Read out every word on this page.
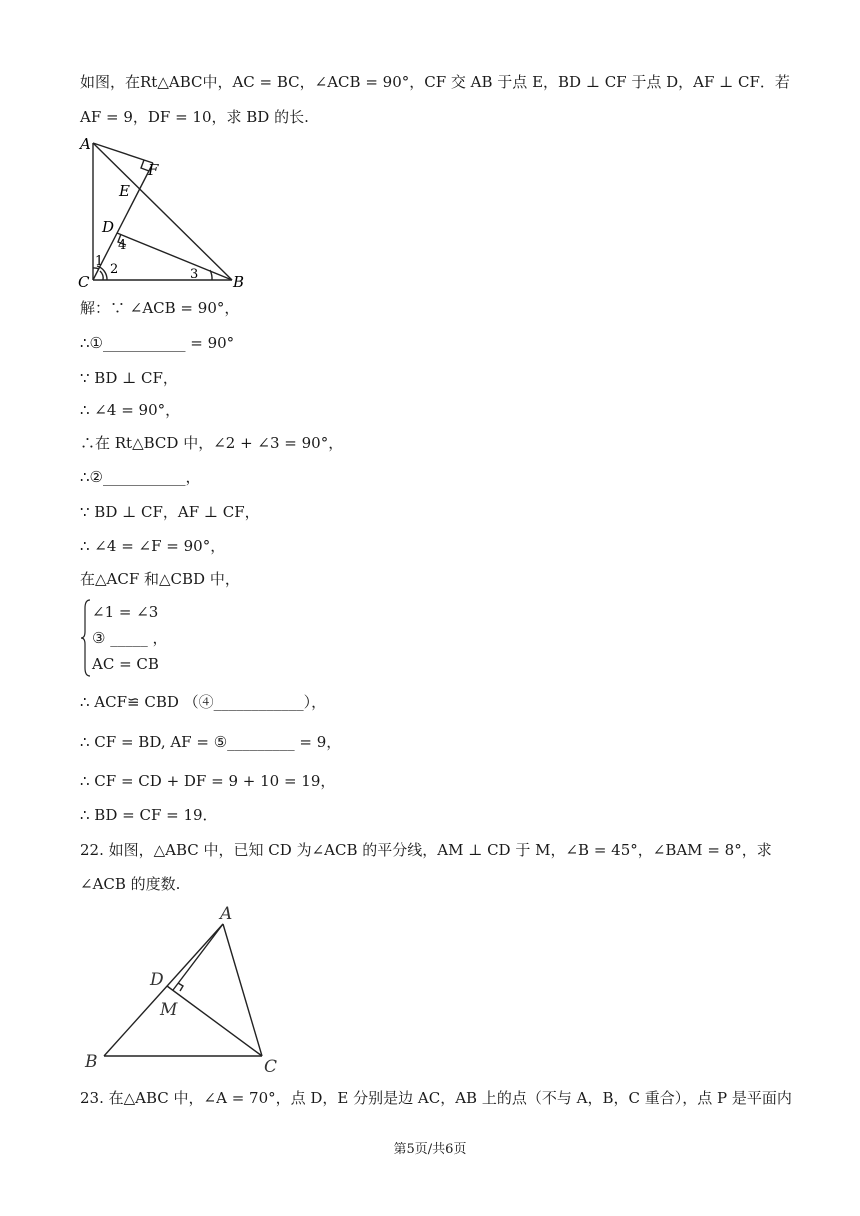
如图，在Rt△ABC中，AC = BC，∠ACB = 90°，CF 交 AB 于点 E，BD ⊥ CF 于点 D，AF ⊥ CF．若
AF = 9，DF = 10，求 BD 的长.
A
F
E
D
C	B
1
2	3
4
解：∵ ∠ACB = 90°，
∴①___________ = 90°
∵ BD ⊥ CF，
∴ ∠4 = 90°，
∴在 Rt△BCD 中，∠2 + ∠3 = 90°，
∴②___________，
∵ BD ⊥ CF，AF ⊥ CF，
∴ ∠4 = ∠F = 90°，
在△ACF 和△CBD 中，
∠1 = ∠3
③ _____ ，
AC = CB
∴ ACF≌ CBD （④____________），
∴ CF = BD, AF = ⑤_________ = 9，
∴ CF = CD + DF = 9 + 10 = 19，
∴ BD = CF = 19．
22. 如图，△ABC 中，已知 CD 为∠ACB 的平分线，AM ⊥ CD 于 M，∠B = 45°，∠BAM = 8°，求
∠ACB 的度数.
A
D
M
B	C
23. 在△ABC 中，∠A = 70°，点 D，E 分别是边 AC，AB 上的点（不与 A，B，C 重合），点 P 是平面内
第5页/共6页
